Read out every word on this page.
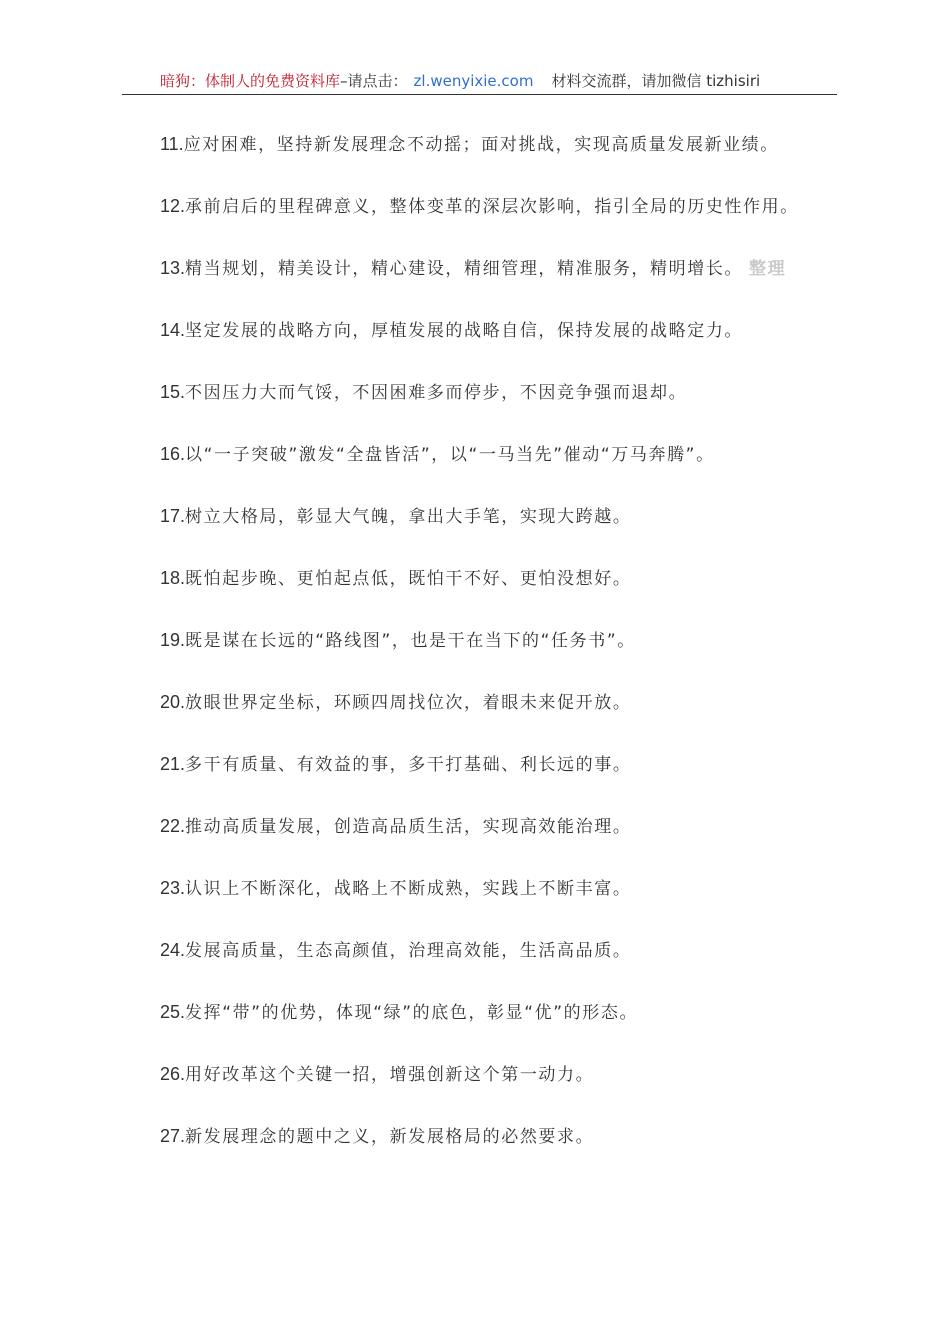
暗狗：体制人的免费资料库 –请点击： zl.wenyixie.com 材料交流群，请加微信 tizhisiri
11.应对困难，坚持新发展理念不动摇；面对挑战，实现高质量发展新业绩。
12.承前启后的里程碑意义，整体变革的深层次影响，指引全局的历史性作用。
13.精当规划，精美设计，精心建设，精细管理，精准服务，精明增长。 整理
14.坚定发展的战略方向，厚植发展的战略自信，保持发展的战略定力。
15.不因压力大而气馁，不因困难多而停步，不因竞争强而退却。
16.以“一子突破”激发“全盘皆活”，以“一马当先”催动“万马奔腾”。
17.树立大格局，彰显大气魄，拿出大手笔，实现大跨越。
18.既怕起步晚、更怕起点低，既怕干不好、更怕没想好。
19.既是谋在长远的“路线图”，也是干在当下的“任务书”。
20.放眼世界定坐标，环顾四周找位次，着眼未来促开放。
21.多干有质量、有效益的事，多干打基础、利长远的事。
22.推动高质量发展，创造高品质生活，实现高效能治理。
23.认识上不断深化，战略上不断成熟，实践上不断丰富。
24.发展高质量，生态高颜值，治理高效能，生活高品质。
25.发挥“带”的优势，体现“绿”的底色，彰显“优”的形态。
26.用好改革这个关键一招，增强创新这个第一动力。
27.新发展理念的题中之义，新发展格局的必然要求。
